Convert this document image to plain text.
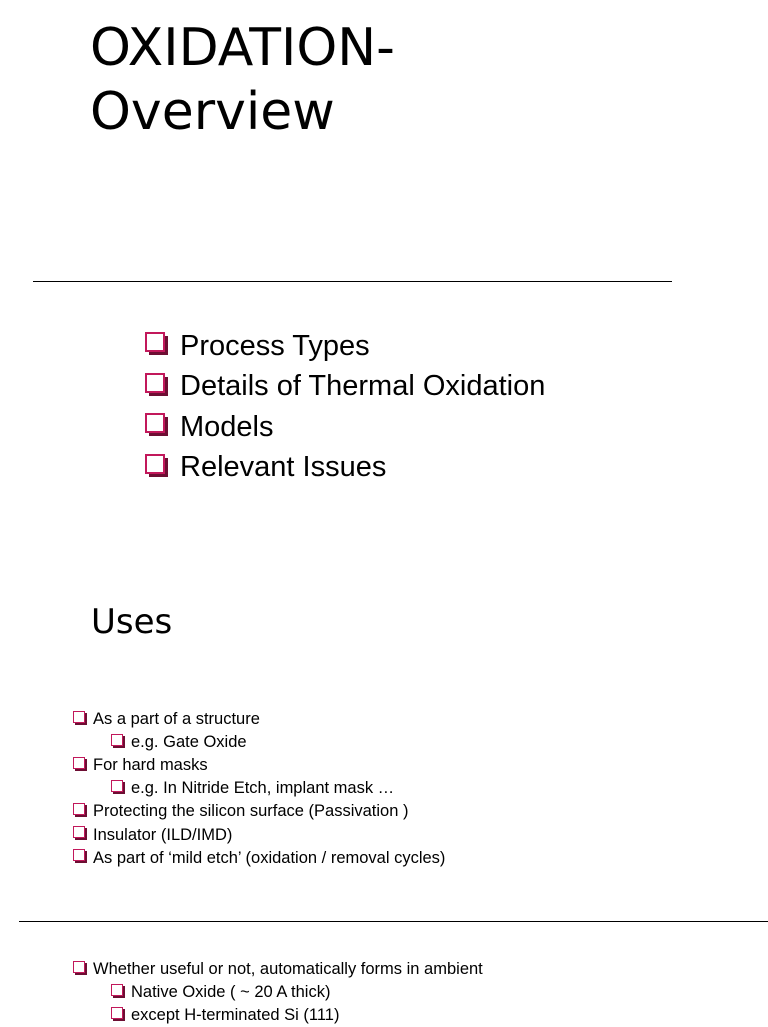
OXIDATION-
Overview
Process Types
Details of Thermal Oxidation
Models
Relevant Issues
Uses
As a part of a structure
e.g. Gate Oxide
For hard masks
e.g. In Nitride Etch, implant mask …
Protecting the silicon surface (Passivation )
Insulator (ILD/IMD)
As part of ‘mild etch’ (oxidation / removal cycles)
Whether useful or not, automatically forms in ambient
Native Oxide ( ~ 20 A thick)
except H-terminated Si (111)
